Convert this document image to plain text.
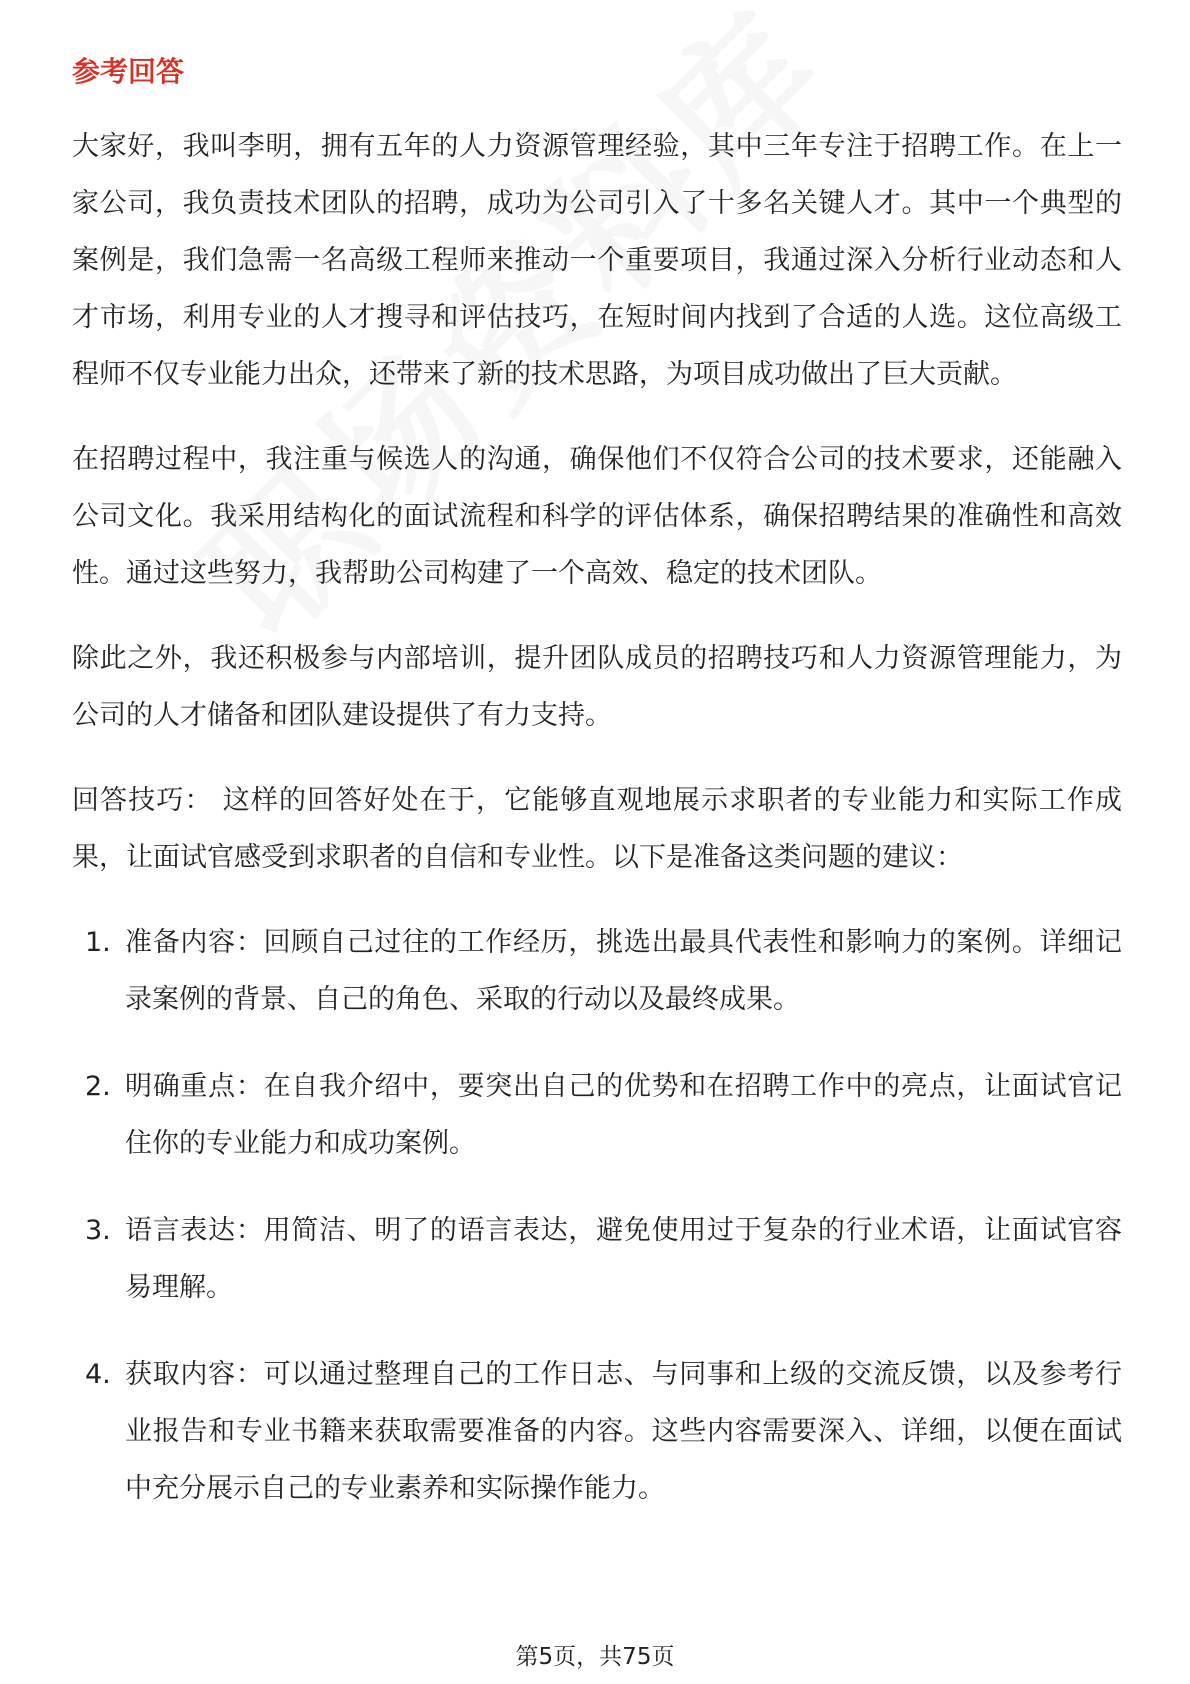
参考回答

大家好，我叫李明，拥有五年的人力资源管理经验，其中三年专注于招聘工作。在上一家公司，我负责技术团队的招聘，成功为公司引入了十多名关键人才。其中一个典型的案例是，我们急需一名高级工程师来推动一个重要项目，我通过深入分析行业动态和人才市场，利用专业的人才搜寻和评估技巧，在短时间内找到了合适的人选。这位高级工程师不仅专业能力出众，还带来了新的技术思路，为项目成功做出了巨大贡献。

在招聘过程中，我注重与候选人的沟通，确保他们不仅符合公司的技术要求，还能融入公司文化。我采用结构化的面试流程和科学的评估体系，确保招聘结果的准确性和高效性。通过这些努力，我帮助公司构建了一个高效、稳定的技术团队。

除此之外，我还积极参与内部培训，提升团队成员的招聘技巧和人力资源管理能力，为公司的人才储备和团队建设提供了有力支持。

回答技巧： 这样的回答好处在于，它能够直观地展示求职者的专业能力和实际工作成果，让面试官感受到求职者的自信和专业性。以下是准备这类问题的建议：

1. 准备内容：回顾自己过往的工作经历，挑选出最具代表性和影响力的案例。详细记录案例的背景、自己的角色、采取的行动以及最终成果。
2. 明确重点：在自我介绍中，要突出自己的优势和在招聘工作中的亮点，让面试官记住你的专业能力和成功案例。
3. 语言表达：用简洁、明了的语言表达，避免使用过于复杂的行业术语，让面试官容易理解。
4. 获取内容：可以通过整理自己的工作日志、与同事和上级的交流反馈，以及参考行业报告和专业书籍来获取需要准备的内容。这些内容需要深入、详细，以便在面试中充分展示自己的专业素养和实际操作能力。
第5页，共75页
